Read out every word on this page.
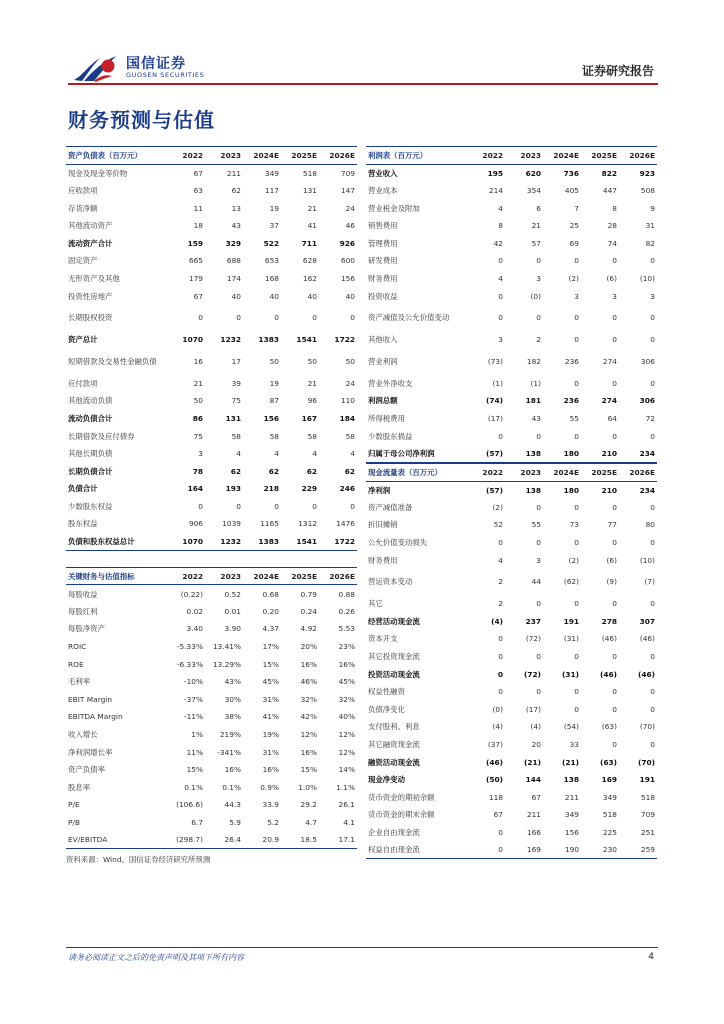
国信证券
GUOSEN SECURITIES	证券研究报告
财务预测与估值
资产负债表（百万元）	2022	2023	2024E	2025E	2026E
现金及现金等价物	67	211	349	518	709
应收款项	63	62	117	131	147
存货净额	11	13	19	21	24
其他流动资产	18	43	37	41	46
流动资产合计	159	329	522	711	926
固定资产	665	688	653	628	600
无形资产及其他	179	174	168	162	156
投资性房地产	67	40	40	40	40
长期股权投资	0	0	0	0	0
资产总计	1070	1232	1383	1541	1722
短期借款及交易性金融负债	16	17	50	50	50
应付款项	21	39	19	21	24
其他流动负债	50	75	87	96	110
流动负债合计	86	131	156	167	184
长期借款及应付债券	75	58	58	58	58
其他长期负债	3	4	4	4	4
长期负债合计	78	62	62	62	62
负债合计	164	193	218	229	246
少数股东权益	0	0	0	0	0
股东权益	906	1039	1165	1312	1476
负债和股东权益总计	1070	1232	1383	1541	1722
关键财务与估值指标	2022	2023	2024E	2025E	2026E
每股收益	(0.22)	0.52	0.68	0.79	0.88
每股红利	0.02	0.01	0.20	0.24	0.26
每股净资产	3.40	3.90	4.37	4.92	5.53
ROIC	-5.33%	13.41%	17%	20%	23%
ROE	-6.33%	13.29%	15%	16%	16%
毛利率	-10%	43%	45%	46%	45%
EBIT Margin	-37%	30%	31%	32%	32%
EBITDA Margin	-11%	38%	41%	42%	40%
收入增长	1%	219%	19%	12%	12%
净利润增长率	11%	-341%	31%	16%	12%
资产负债率	15%	16%	16%	15%	14%
股息率	0.1%	0.1%	0.9%	1.0%	1.1%
P/E	(106.6)	44.3	33.9	29.2	26.1
P/B	6.7	5.9	5.2	4.7	4.1
EV/EBITDA	(298.7)	26.4	20.9	18.5	17.1
资料来源：Wind、国信证券经济研究所预测
利润表（百万元）	2022	2023	2024E	2025E	2026E
营业收入	195	620	736	822	923
营业成本	214	354	405	447	508
营业税金及附加	4	6	7	8	9
销售费用	8	21	25	28	31
管理费用	42	57	69	74	82
研发费用	0	0	0	0	0
财务费用	4	3	(2)	(6)	(10)
投资收益	0	(0)	3	3	3
资产减值及公允价值变动	0	0	0	0	0
其他收入	3	2	0	0	0
营业利润	(73)	182	236	274	306
营业外净收支	(1)	(1)	0	0	0
利润总额	(74)	181	236	274	306
所得税费用	(17)	43	55	64	72
少数股东损益	0	0	0	0	0
归属于母公司净利润	(57)	138	180	210	234
现金流量表（百万元）	2022	2023	2024E	2025E	2026E
净利润	(57)	138	180	210	234
资产减值准备	(2)	0	0	0	0
折旧摊销	52	55	73	77	80
公允价值变动损失	0	0	0	0	0
财务费用	4	3	(2)	(6)	(10)
营运资本变动	2	44	(62)	(9)	(7)
其它	2	0	0	0	0
经营活动现金流	(4)	237	191	278	307
资本开支	0	(72)	(31)	(46)	(46)
其它投资现金流	0	0	0	0	0
投资活动现金流	0	(72)	(31)	(46)	(46)
权益性融资	0	0	0	0	0
负债净变化	(0)	(17)	0	0	0
支付股利、利息	(4)	(4)	(54)	(63)	(70)
其它融资现金流	(37)	20	33	0	0
融资活动现金流	(46)	(21)	(21)	(63)	(70)
现金净变动	(50)	144	138	169	191
货币资金的期初余额	118	67	211	349	518
货币资金的期末余额	67	211	349	518	709
企业自由现金流	0	166	156	225	251
权益自由现金流	0	169	190	230	259
请务必阅读正文之后的免责声明及其项下所有内容	4
